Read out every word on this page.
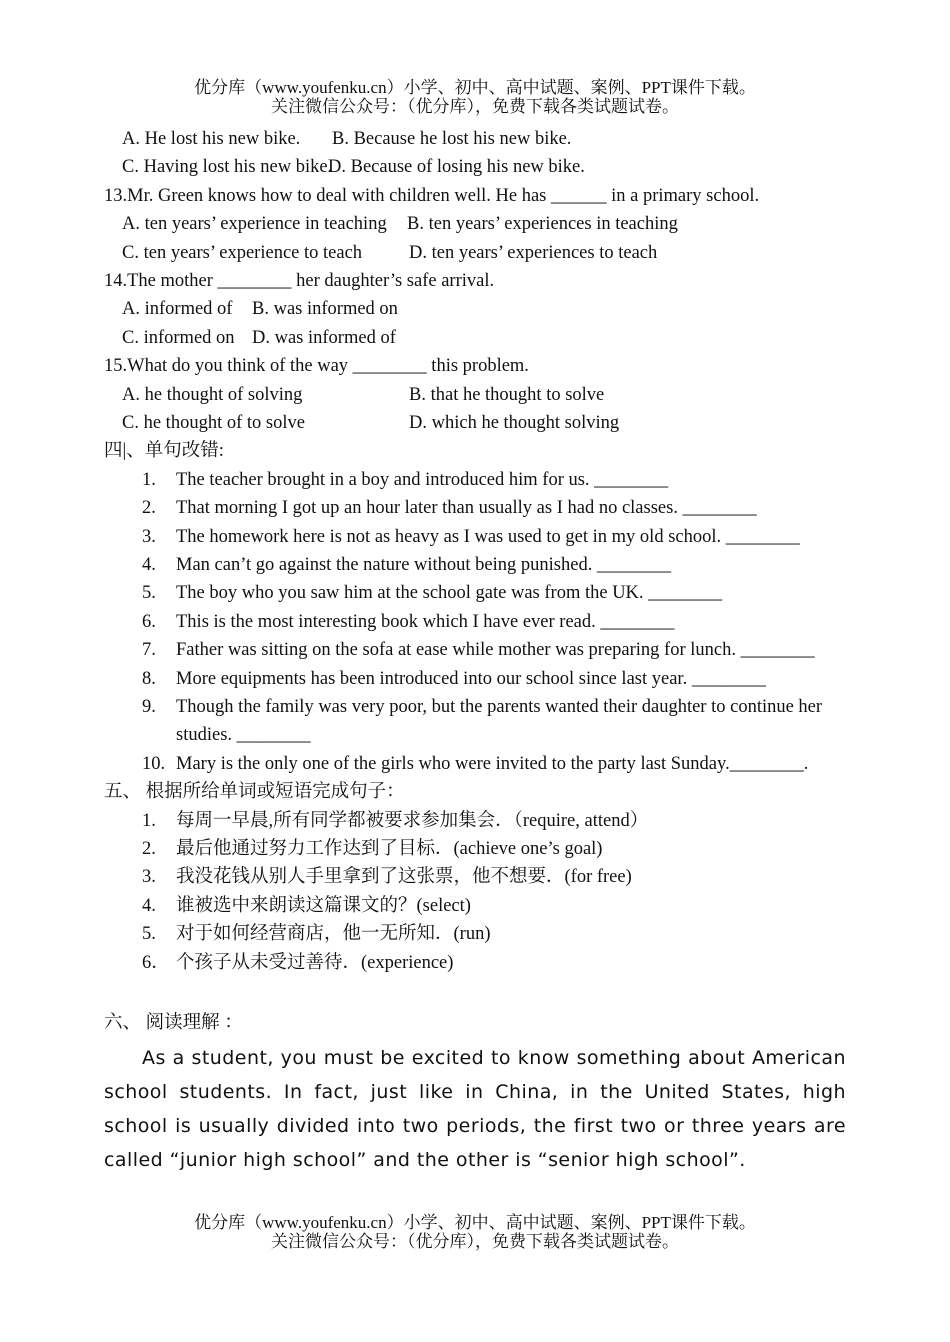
优分库（www.youfenku.cn）小学、初中、高中试题、案例、PPT课件下载。
关注微信公众号：（优分库），免费下载各类试题试卷。
A. He lost his new bike. B. Because he lost his new bike.
C. Having lost his new bike.D. Because of losing his new bike.
13.Mr. Green knows how to deal with children well. He has ______ in a primary school.
A. ten years’ experience in teaching B. ten years’ experiences in teaching
C. ten years’ experience to teach	D. ten years’ experiences to teach
14.The mother ________ her daughter’s safe arrival.
A. informed of B. was informed on
C. informed on D. was informed of
15.What do you think of the way ________ this problem.
A. he thought of solving	B. that he thought to solve
C. he thought of to solve	D. which he thought solving
四|、单句改错:
1.	The teacher brought in a boy and introduced him for us. ________
2.	That morning I got up an hour later than usually as I had no classes. ________
3.	The homework here is not as heavy as I was used to get in my old school. ________
4.	Man can’t go against the nature without being punished. ________
5.	The boy who you saw him at the school gate was from the UK. ________
6.	This is the most interesting book which I have ever read. ________
7.	Father was sitting on the sofa at ease while mother was preparing for lunch. ________
8.	More equipments has been introduced into our school since last year. ________
9.	Though the family was very poor, but the parents wanted their daughter to continue her studies. ________
10. Mary is the only one of the girls who were invited to the party last Sunday.________.
五、 根据所给单词或短语完成句子：
1.	每周一早晨,所有同学都被要求参加集会．（require, attend）
2.	最后他通过努力工作达到了目标．(achieve one’s goal)
3.	我没花钱从别人手里拿到了这张票，他不想要．(for free)
4.	谁被选中来朗读这篇课文的？(select)
5.	对于如何经营商店，他一无所知．(run)
6． 个孩子从未受过善待．(experience)
六、 阅读理解 ：
As a student, you must be excited to know something about American school students. In fact, just like in China, in the United States, high school is usually divided into two periods, the first two or three years are called “junior high school” and the other is “senior high school”.
优分库（www.youfenku.cn）小学、初中、高中试题、案例、PPT课件下载。
关注微信公众号：（优分库），免费下载各类试题试卷。
